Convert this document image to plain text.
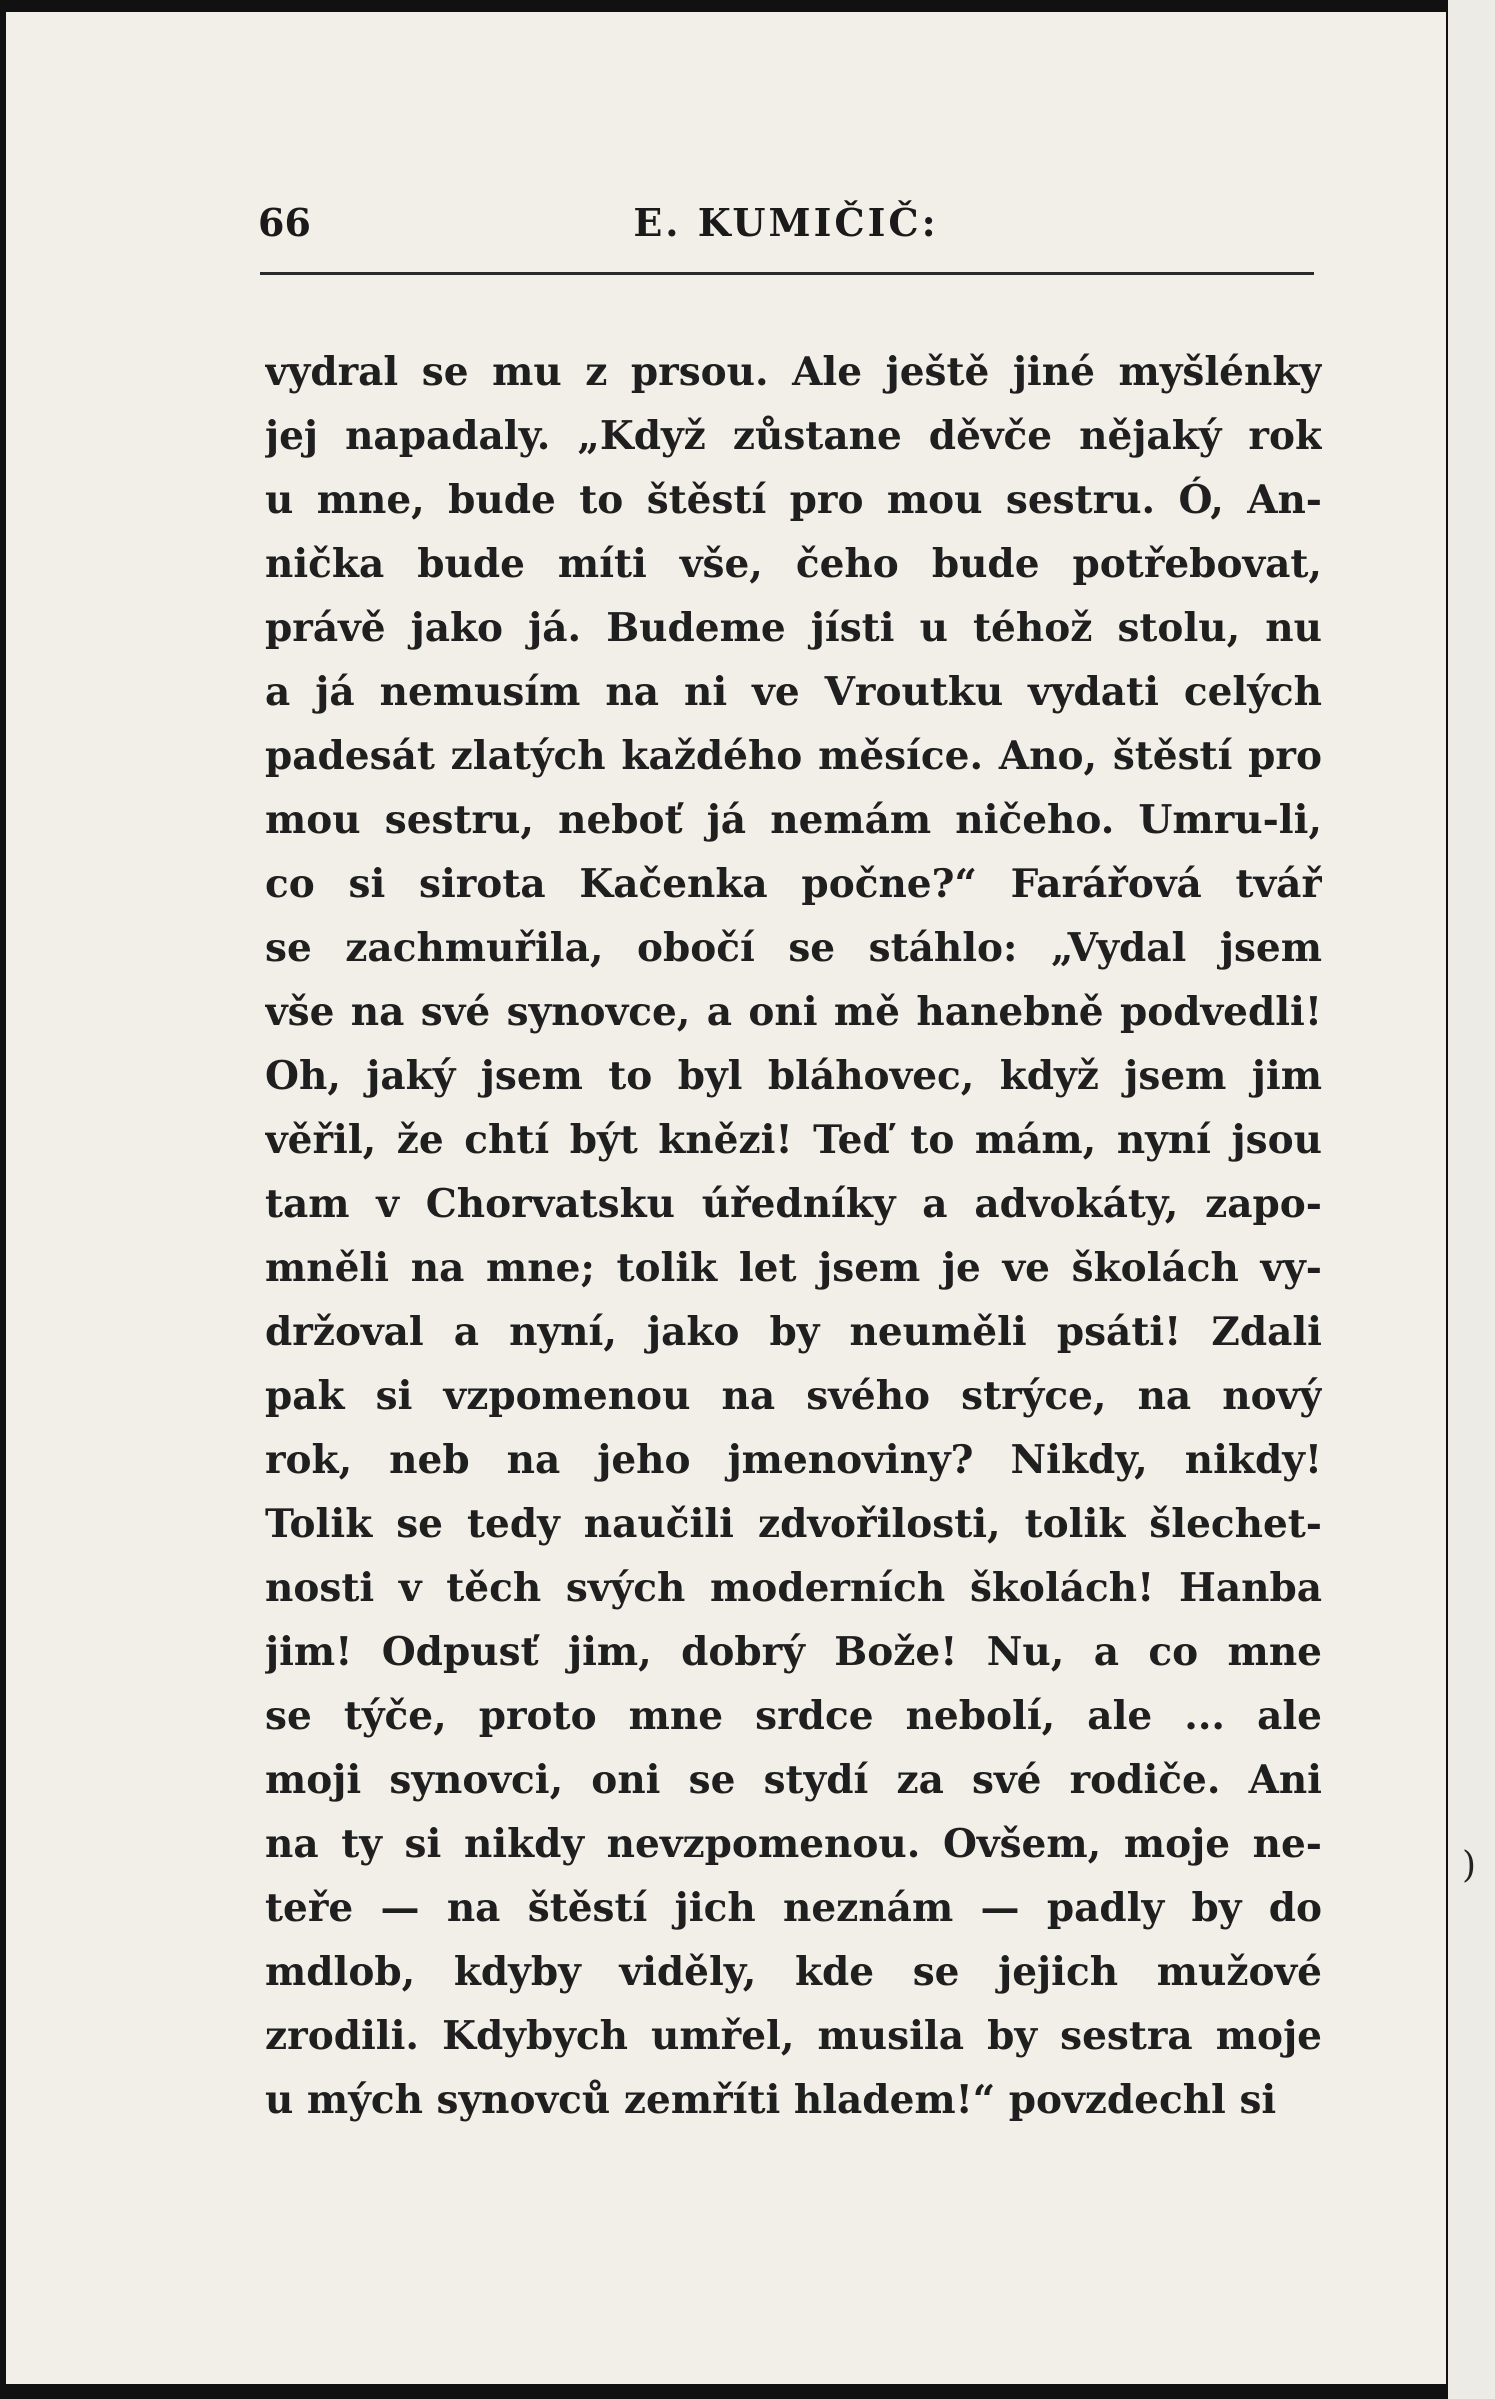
66	E. KUMIČIČ:
vydral se mu z prsou. Ale ještě jiné myšlénky
jej napadaly. „Když zůstane děvče nějaký rok
u mne, bude to štěstí pro mou sestru. Ó, An-
nička bude míti vše, čeho bude potřebovat,
právě jako já. Budeme jísti u téhož stolu, nu
a já nemusím na ni ve Vroutku vydati celých
padesát zlatých každého měsíce. Ano, štěstí pro
mou sestru, neboť já nemám ničeho. Umru-li,
co si sirota Kačenka počne?“ Farářová tvář
se zachmuřila, obočí se stáhlo: „Vydal jsem
vše na své synovce, a oni mě hanebně podvedli!
Oh, jaký jsem to byl bláhovec, když jsem jim
věřil, že chtí být knězi! Teď to mám, nyní jsou
tam v Chorvatsku úředníky a advokáty, zapo-
mněli na mne; tolik let jsem je ve školách vy-
držoval a nyní, jako by neuměli psáti! Zdali
pak si vzpomenou na svého strýce, na nový
rok, neb na jeho jmenoviny? Nikdy, nikdy!
Tolik se tedy naučili zdvořilosti, tolik šlechet-
nosti v těch svých moderních školách! Hanba
jim! Odpusť jim, dobrý Bože! Nu, a co mne
se týče, proto mne srdce nebolí, ale ... ale
moji synovci, oni se stydí za své rodiče. Ani
na ty si nikdy nevzpomenou. Ovšem, moje ne-
teře — na štěstí jich neznám — padly by do
mdlob, kdyby viděly, kde se jejich mužové
zrodili. Kdybych umřel, musila by sestra moje
u mých synovců zemříti hladem!“ povzdechl si
)
